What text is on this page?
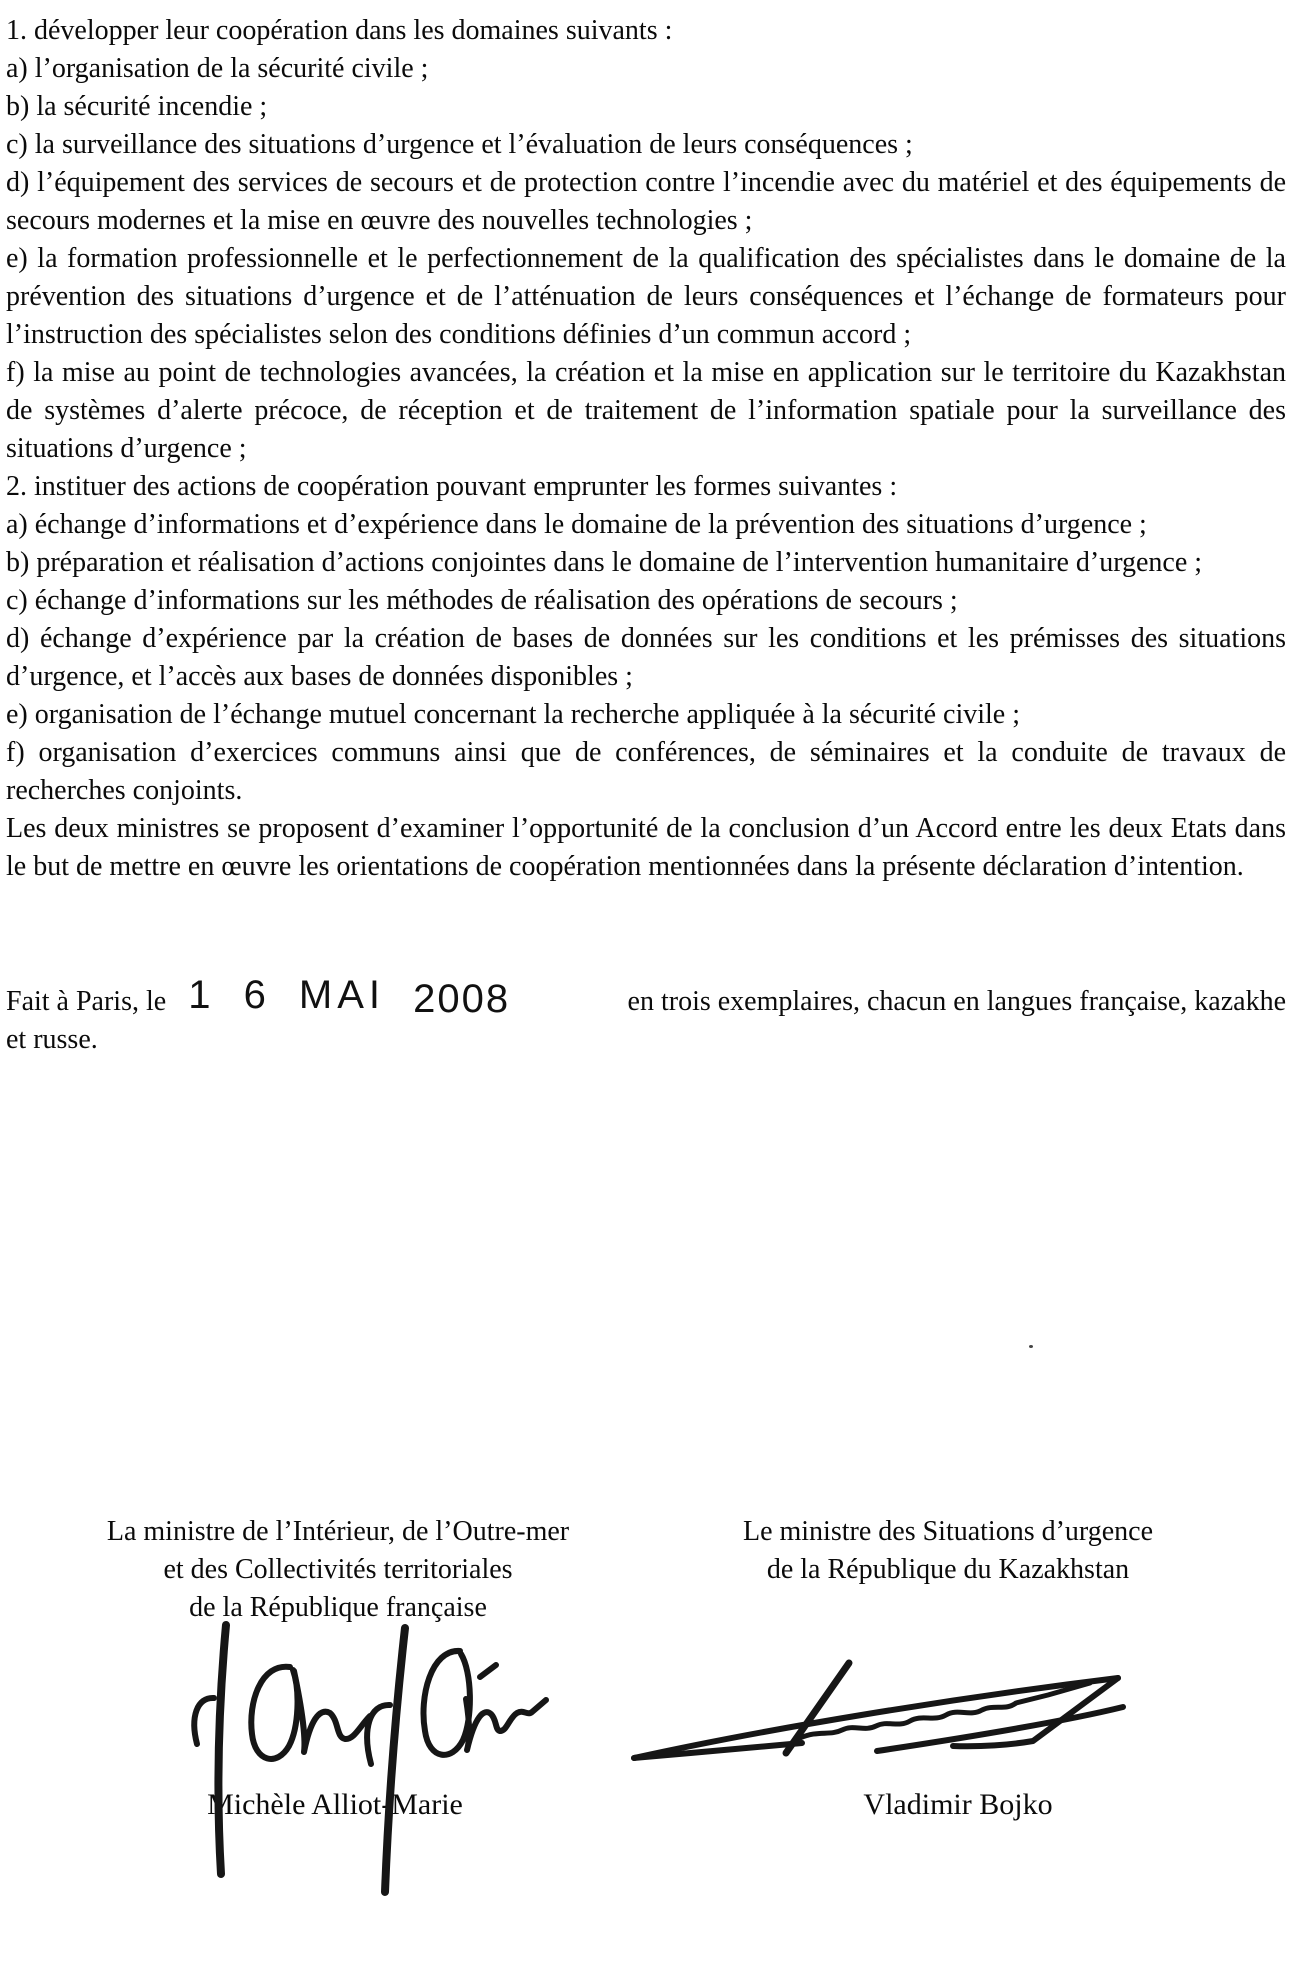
1. développer leur coopération dans les domaines suivants :

a) l’organisation de la sécurité civile ;

b) la sécurité incendie ;

c) la surveillance des situations d’urgence et l’évaluation de leurs conséquences ;

d) l’équipement des services de secours et de protection contre l’incendie avec du matériel et des équipements de secours modernes et la mise en œuvre des nouvelles technologies ;

e) la formation professionnelle et le perfectionnement de la qualification des spécialistes dans le domaine de la prévention des situations d’urgence et de l’atténuation de leurs conséquences et l’échange de formateurs pour l’instruction des spécialistes selon des conditions définies d’un commun accord ;

f) la mise au point de technologies avancées, la création et la mise en application sur le territoire du Kazakhstan de systèmes d’alerte précoce, de réception et de traitement de l’information spatiale pour la surveillance des situations d’urgence ;

2. instituer des actions de coopération pouvant emprunter les formes suivantes :

a) échange d’informations et d’expérience dans le domaine de la prévention des situations d’urgence ;

b) préparation et réalisation d’actions conjointes dans le domaine de l’intervention humanitaire d’urgence ;

c) échange d’informations sur les méthodes de réalisation des opérations de secours ;

d) échange d’expérience par la création de bases de données sur les conditions et les prémisses des situations d’urgence, et l’accès aux bases de données disponibles ;

e) organisation de l’échange mutuel concernant la recherche appliquée à la sécurité civile ;

f) organisation d’exercices communs ainsi que de conférences, de séminaires et la conduite de travaux de recherches conjoints.

Les deux ministres se proposent d’examiner l’opportunité de la conclusion d’un Accord entre les deux Etats dans le but de mettre en œuvre les orientations de coopération mentionnées dans la présente déclaration d’intention.

Fait à Paris, le 1 6 MAI 2008	en trois exemplaires, chacun en langues française, kazakhe

et russe.

La ministre de l’Intérieur, de l’Outre-mer
et des Collectivités territoriales
de la République française
Le ministre des Situations d’urgence
de la République du Kazakhstan
Michèle Alliot-Marie	Vladimir Bojko
